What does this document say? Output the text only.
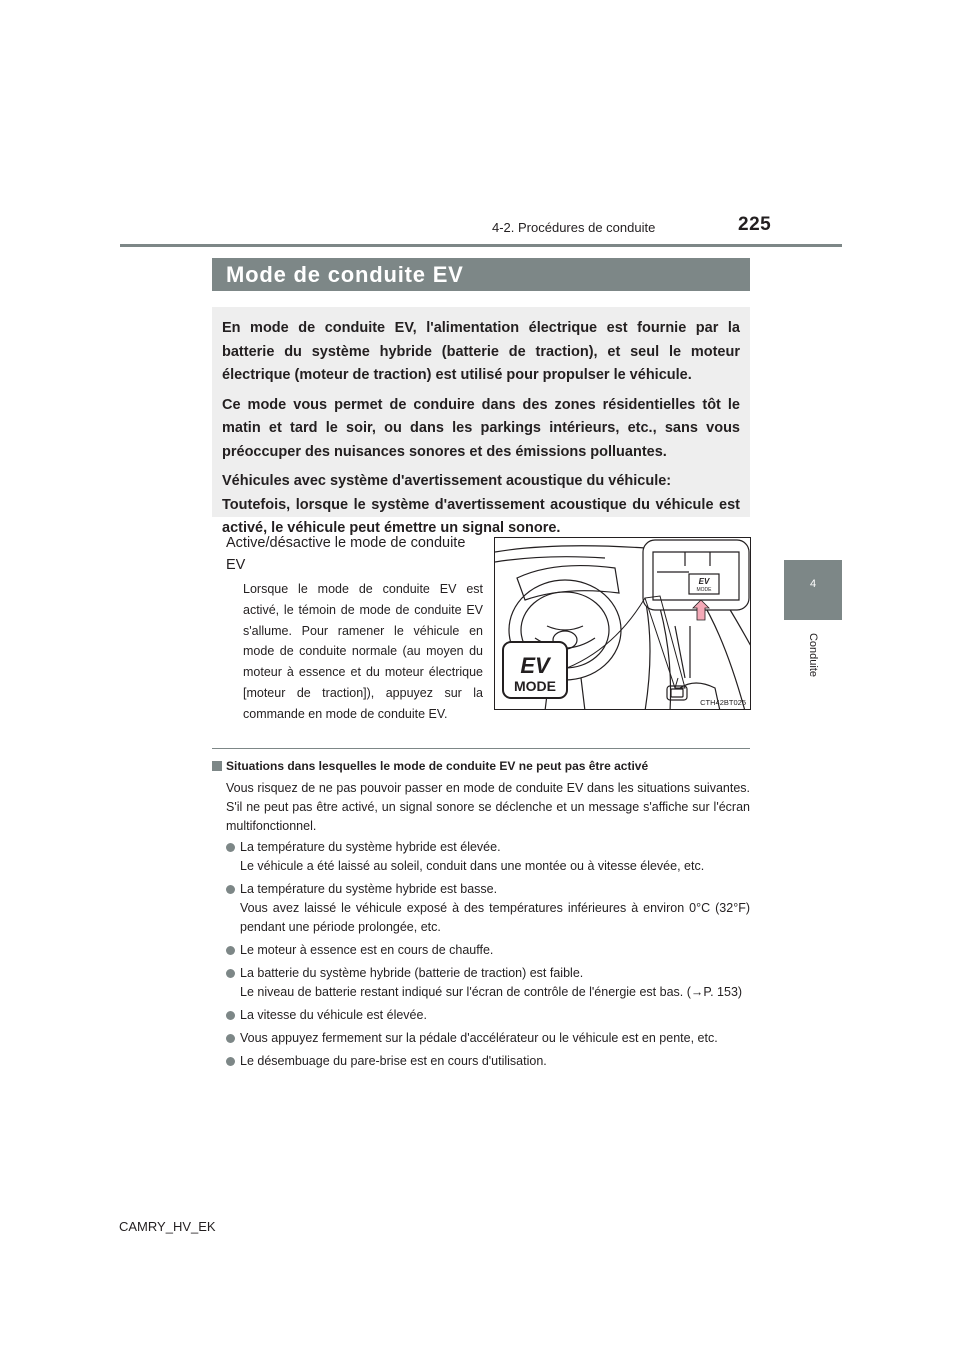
225
4-2. Procédures de conduite
4
Conduite
Mode de conduite EV

En mode de conduite EV, l'alimentation électrique est fournie par la batterie du système hybride (batterie de traction), et seul le moteur électrique (moteur de traction) est utilisé pour propulser le véhicule.

Ce mode vous permet de conduire dans des zones résidentielles tôt le matin et tard le soir, ou dans les parkings intérieurs, etc., sans vous préoccuper des nuisances sonores et des émissions polluantes.

Véhicules avec système d'avertissement acoustique du véhicule:

Toutefois, lorsque le système d'avertissement acoustique du véhicule est activé, le véhicule peut émettre un signal sonore.

Active/désactive le mode de conduite EV
Lorsque le mode de conduite EV est activé, le témoin de mode de conduite EV s'allume. Pour ramener le véhicule en mode de conduite normale (au moyen du moteur à essence et du moteur électrique [moteur de traction]), appuyez sur la commande en mode de conduite EV.
EV
MODE
EV
MODE
CTH42BT025
Situations dans lesquelles le mode de conduite EV ne peut pas être activé
Vous risquez de ne pas pouvoir passer en mode de conduite EV dans les situations suivantes. S'il ne peut pas être activé, un signal sonore se déclenche et un message s'affiche sur l'écran multifonctionnel.
La température du système hybride est élevée.
Le véhicule a été laissé au soleil, conduit dans une montée ou à vitesse élevée, etc.
La température du système hybride est basse.
Vous avez laissé le véhicule exposé à des températures inférieures à environ 0°C (32°F) pendant une période prolongée, etc.
Le moteur à essence est en cours de chauffe.
La batterie du système hybride (batterie de traction) est faible.
Le niveau de batterie restant indiqué sur l'écran de contrôle de l'énergie est bas. (→P. 153)
La vitesse du véhicule est élevée.
Vous appuyez fermement sur la pédale d'accélérateur ou le véhicule est en pente, etc.
Le désembuage du pare-brise est en cours d'utilisation.
CAMRY_HV_EK
